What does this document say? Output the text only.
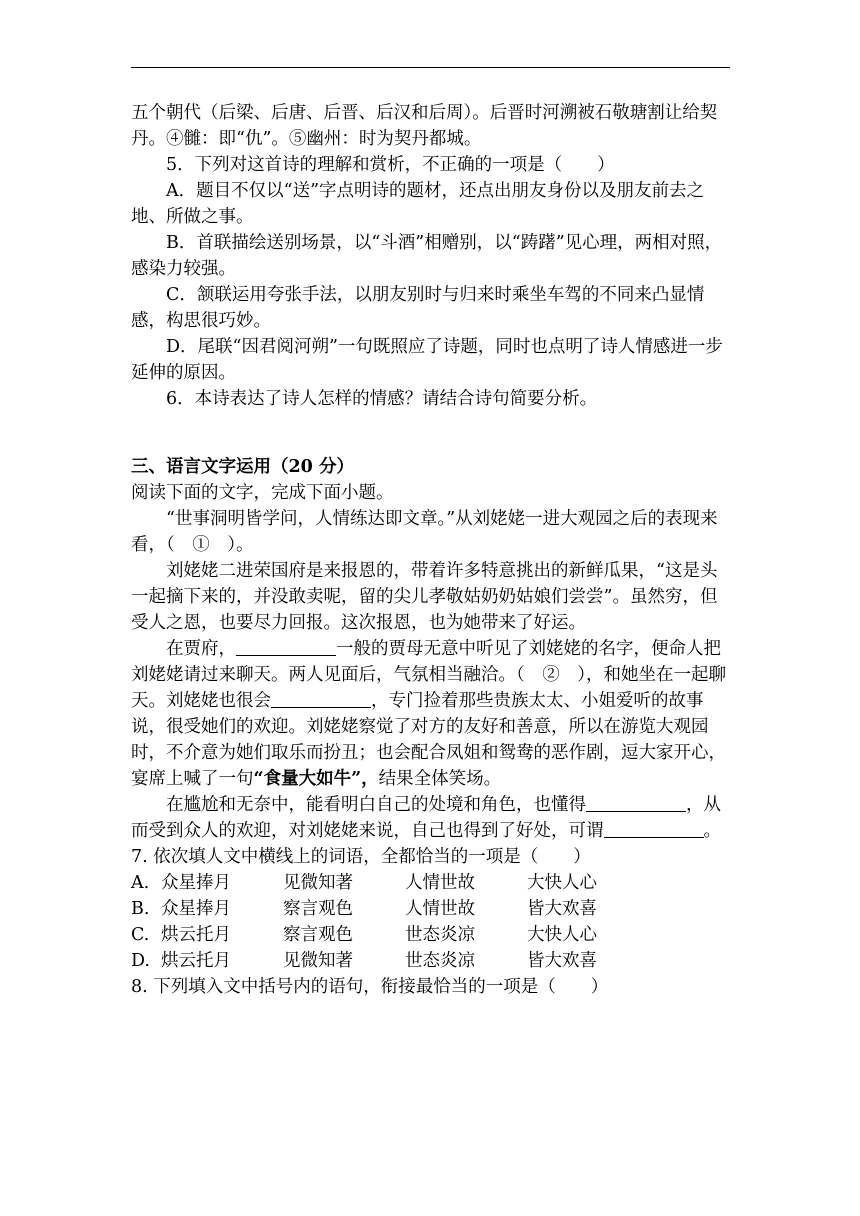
五个朝代（后梁、后唐、后晋、后汉和后周）。后晋时河溯被石敬瑭割让给契丹。④雠：即“仇”。⑤幽州：时为契丹都城。

5．下列对这首诗的理解和赏析，不正确的一项是（　　）

A．题目不仅以“送”字点明诗的题材，还点出朋友身份以及朋友前去之地、所做之事。

B．首联描绘送别场景，以“斗酒”相赠别，以“踌躇”见心理，两相对照，感染力较强。

C．颔联运用夸张手法，以朋友别时与归来时乘坐车驾的不同来凸显情感，构思很巧妙。

D．尾联“因君阅河朔”一句既照应了诗题，同时也点明了诗人情感进一步延伸的原因。

6．本诗表达了诗人怎样的情感？请结合诗句简要分析。

三、语言文字运用（20 分）

阅读下面的文字，完成下面小题。

“世事洞明皆学问，人情练达即文章。”从刘姥姥一进大观园之后的表现来看，（　①　）。

刘姥姥二进荣国府是来报恩的，带着许多特意挑出的新鲜瓜果，“这是头一起摘下来的，并没敢卖呢，留的尖儿孝敬姑奶奶姑娘们尝尝”。虽然穷，但受人之恩，也要尽力回报。这次报恩，也为她带来了好运。

在贾府，	一般的贾母无意中听见了刘姥姥的名字，便命人把刘姥姥请过来聊天。两人见面后，气氛相当融洽。（　②　），和她坐在一起聊天。刘姥姥也很会	，专门捡着那些贵族太太、小姐爱听的故事说，很受她们的欢迎。刘姥姥察觉了对方的友好和善意，所以在游览大观园时，不介意为她们取乐而扮丑；也会配合凤姐和鸳鸯的恶作剧，逗大家开心，宴席上喊了一句“食量大如牛”，结果全体笑场。

在尴尬和无奈中，能看明白自己的处境和角色，也懂得	，从而受到众人的欢迎，对刘姥姥来说，自己也得到了好处，可谓	。

7. 依次填人文中横线上的词语，全都恰当的一项是（　　）

A. 众星捧月	见微知著	人情世故	大快人心
B. 众星捧月	察言观色	人情世故	皆大欢喜
C. 烘云托月	察言观色	世态炎凉	大快人心
D. 烘云托月	见微知著	世态炎凉	皆大欢喜

8. 下列填入文中括号内的语句，衔接最恰当的一项是（　　）
